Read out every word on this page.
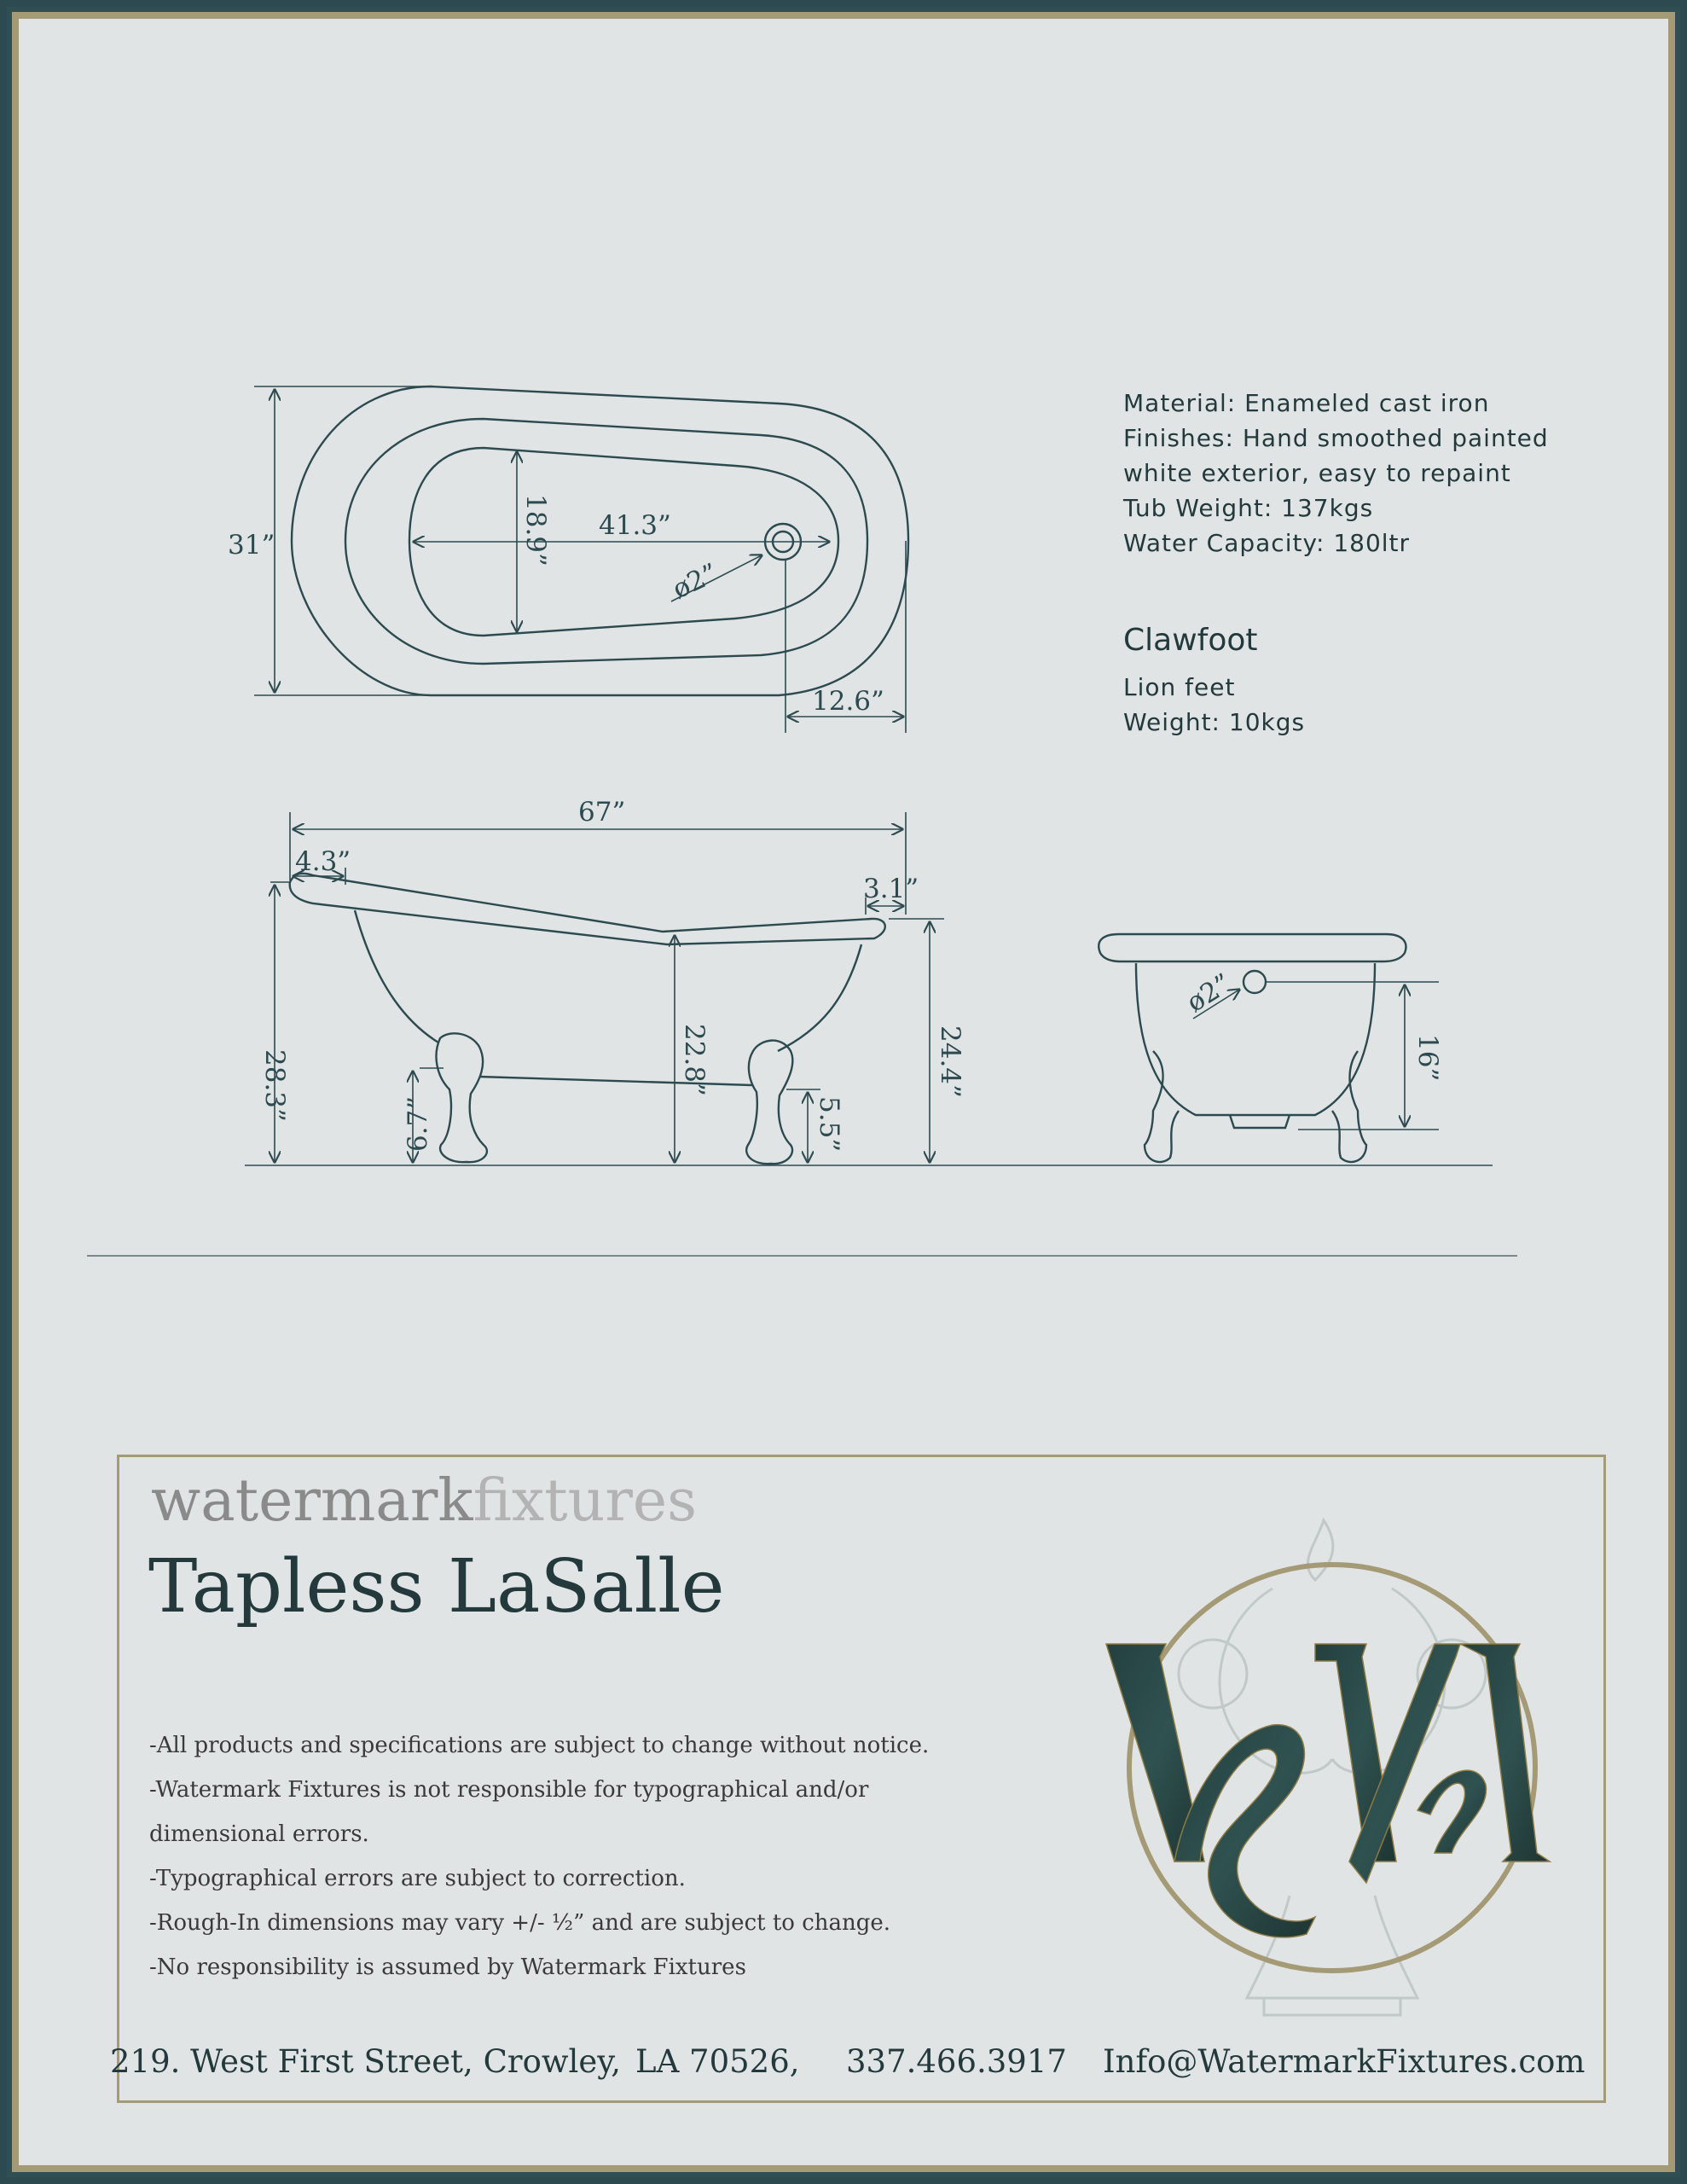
31”	18.9” 41.3”
ø2”
12.6”
67”
4.3”
3.1”
28.3”	22.8”	24.4”
6.7”	5.5”
ø2”
16”
Material: Enameled cast iron
Finishes: Hand smoothed painted
white exterior, easy to repaint
Tub Weight: 137kgs
Water Capacity: 180ltr
Clawfoot
Lion feet
Weight: 10kgs
watermarkfixtures
Tapless LaSalle
-All products and specifications are subject to change without notice.
-Watermark Fixtures is not responsible for typographical and/or
dimensional errors.
-Typographical errors are subject to correction.
-Rough-In dimensions may vary +/- ½” and are subject to change.
-No responsibility is assumed by Watermark Fixtures
219. West First Street, Crowley, LA 70526, 337.466.3917 Info@WatermarkFixtures.com
